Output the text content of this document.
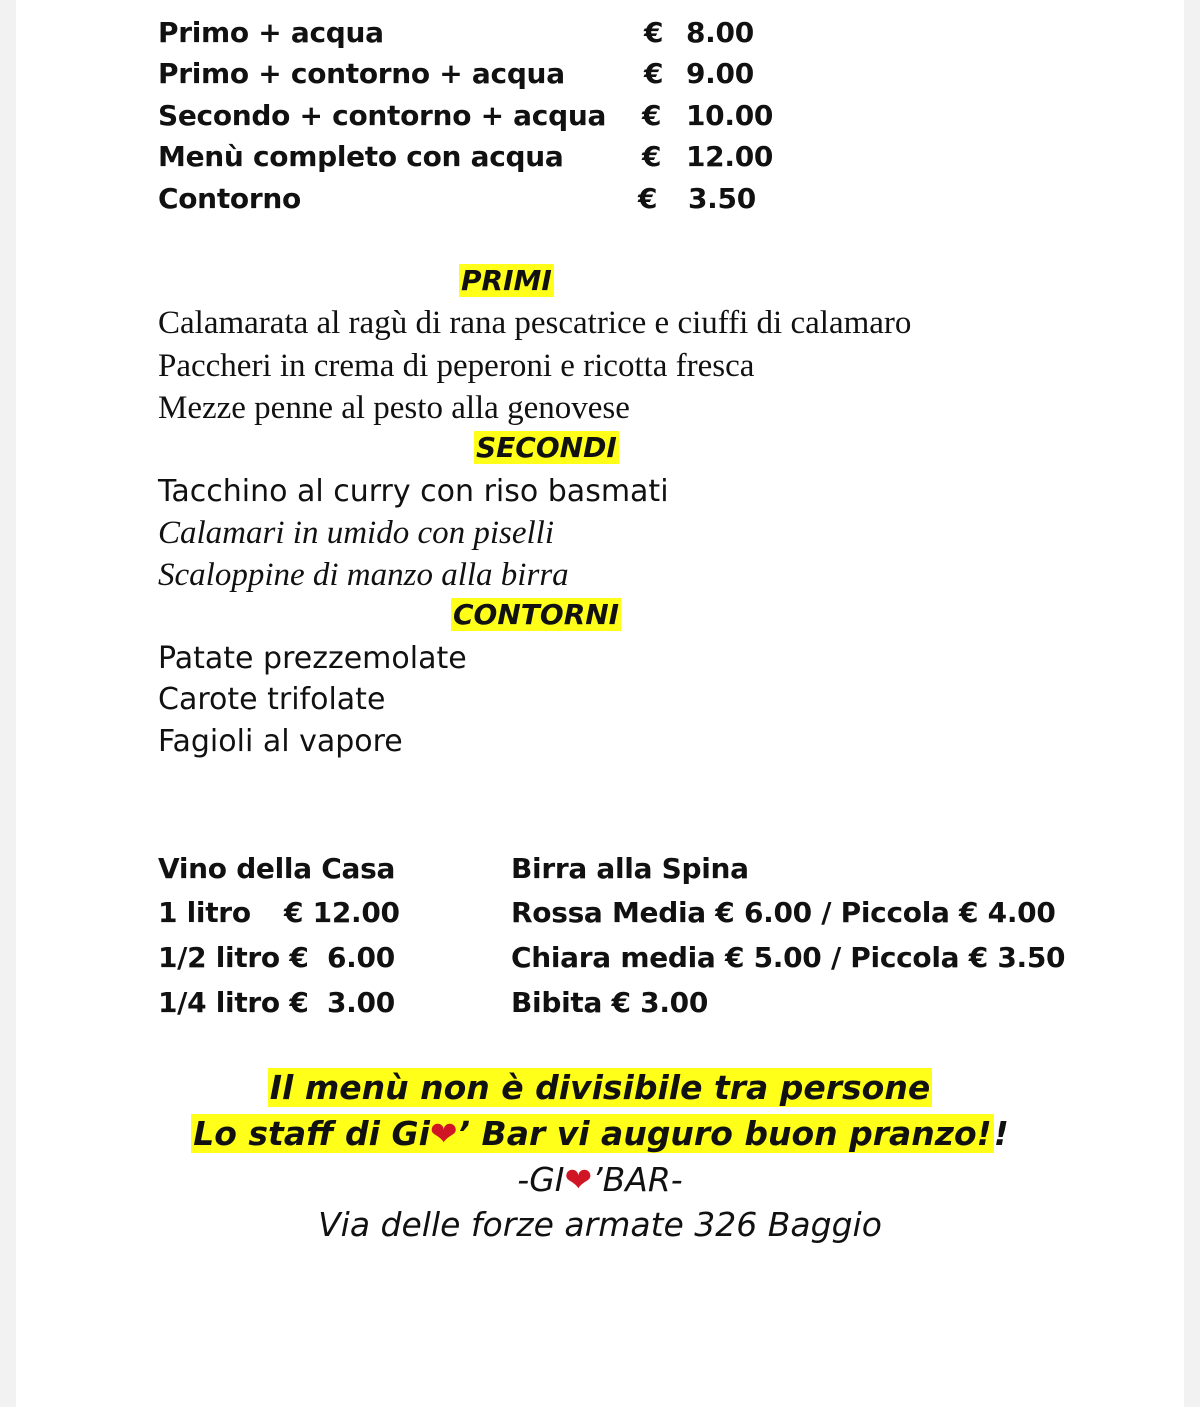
Primo + acqua	€ 8.00
Primo + contorno + acqua	€ 9.00
Secondo + contorno + acqua € 10.00
Menù completo con acqua	€ 12.00
Contorno	€ 3.50
PRIMI
Calamarata al ragù di rana pescatrice e ciuffi di calamaro
Paccheri in crema di peperoni e ricotta fresca
Mezze penne al pesto alla genovese
SECONDI
Tacchino al curry con riso basmati
Calamari in umido con piselli
Scaloppine di manzo alla birra
CONTORNI
Patate prezzemolate
Carote trifolate
Fagioli al vapore
Vino della Casa
1 litro € 12.00
1/2 litro € 6.00
1/4 litro € 3.00
Birra alla Spina
Rossa Media € 6.00 / Piccola € 4.00
Chiara media € 5.00 / Piccola € 3.50
Bibita € 3.00
Il menù non è divisibile tra persone
Lo staff di Gi❤’ Bar vi auguro buon pranzo!!
-GI❤’BAR-
Via delle forze armate 326 Baggio
